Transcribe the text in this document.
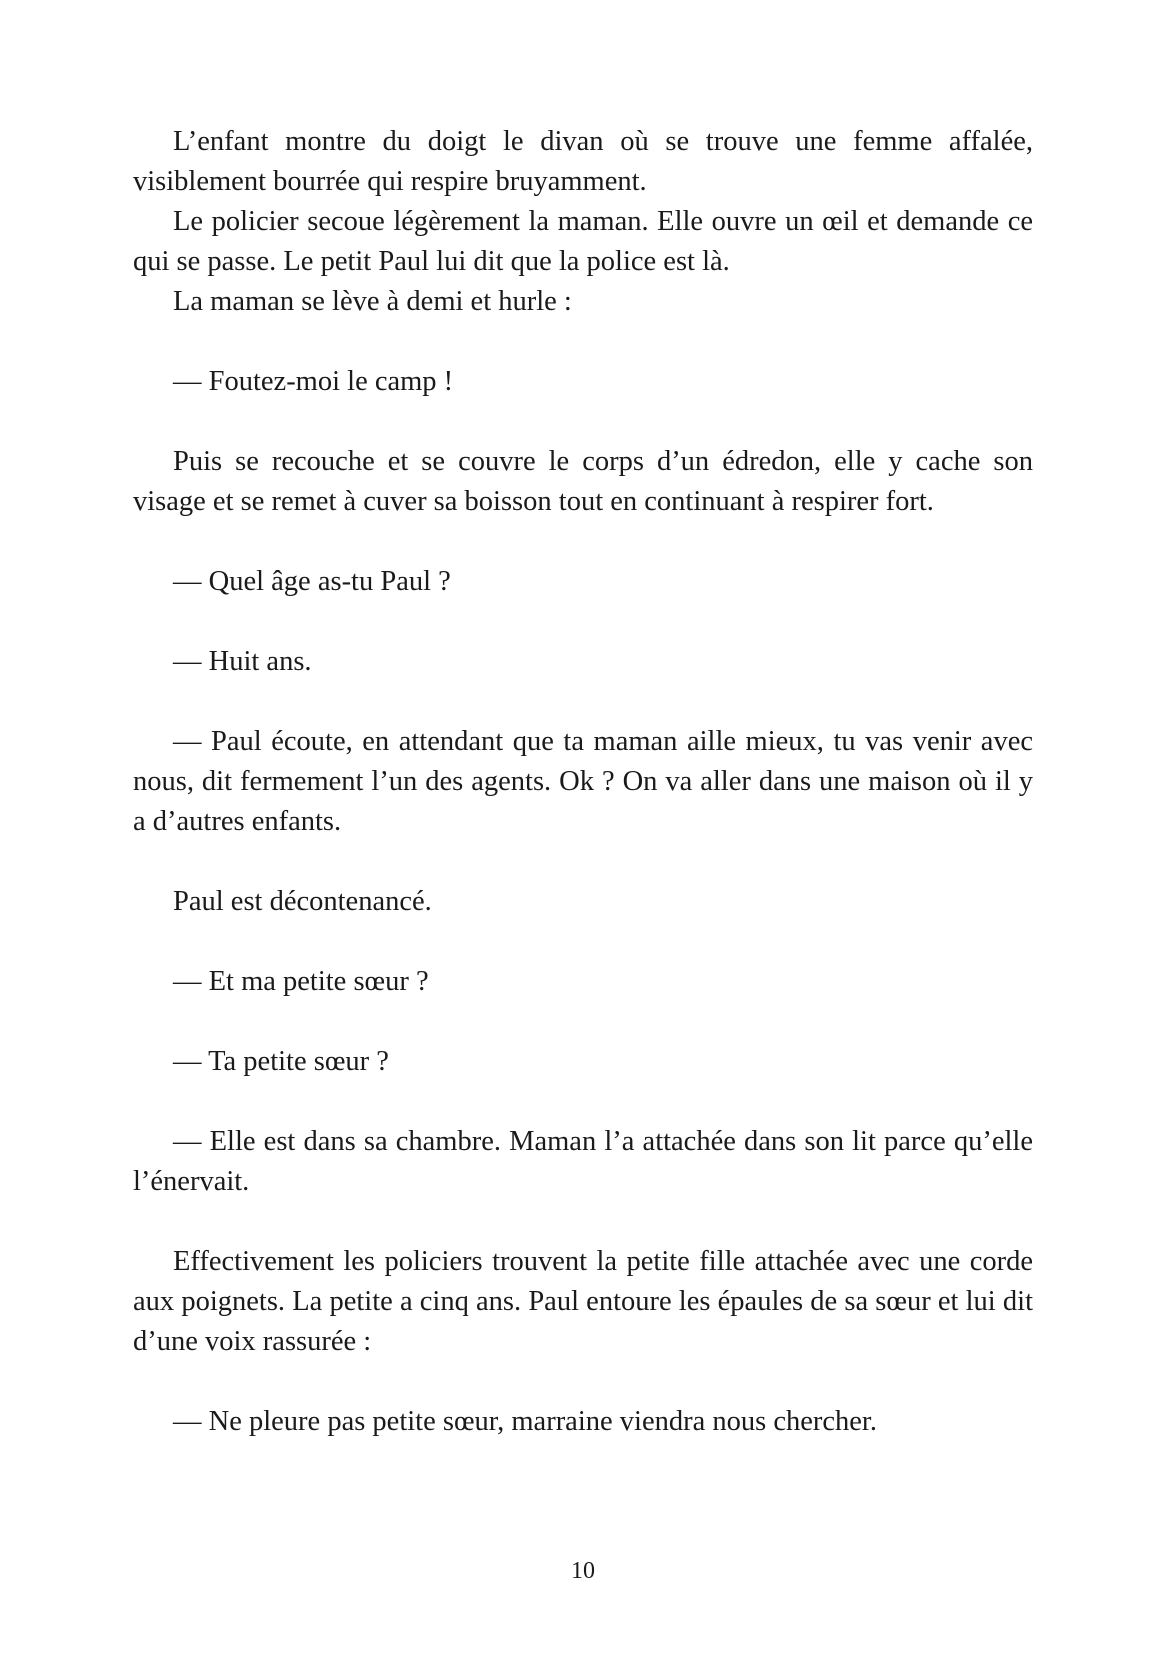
L’enfant montre du doigt le divan où se trouve une femme affalée, visiblement bourrée qui respire bruyamment.

Le policier secoue légèrement la maman. Elle ouvre un œil et demande ce qui se passe. Le petit Paul lui dit que la police est là.

La maman se lève à demi et hurle :

— Foutez-moi le camp !

Puis se recouche et se couvre le corps d’un édredon, elle y cache son visage et se remet à cuver sa boisson tout en continuant à respirer fort.

— Quel âge as-tu Paul ?

— Huit ans.

— Paul écoute, en attendant que ta maman aille mieux, tu vas venir avec nous, dit fermement l’un des agents. Ok ? On va aller dans une maison où il y a d’autres enfants.

Paul est décontenancé.

— Et ma petite sœur ?

— Ta petite sœur ?

— Elle est dans sa chambre. Maman l’a attachée dans son lit parce qu’elle l’énervait.

Effectivement les policiers trouvent la petite fille attachée avec une corde aux poignets. La petite a cinq ans. Paul entoure les épaules de sa sœur et lui dit d’une voix rassurée :

— Ne pleure pas petite sœur, marraine viendra nous chercher.

10
